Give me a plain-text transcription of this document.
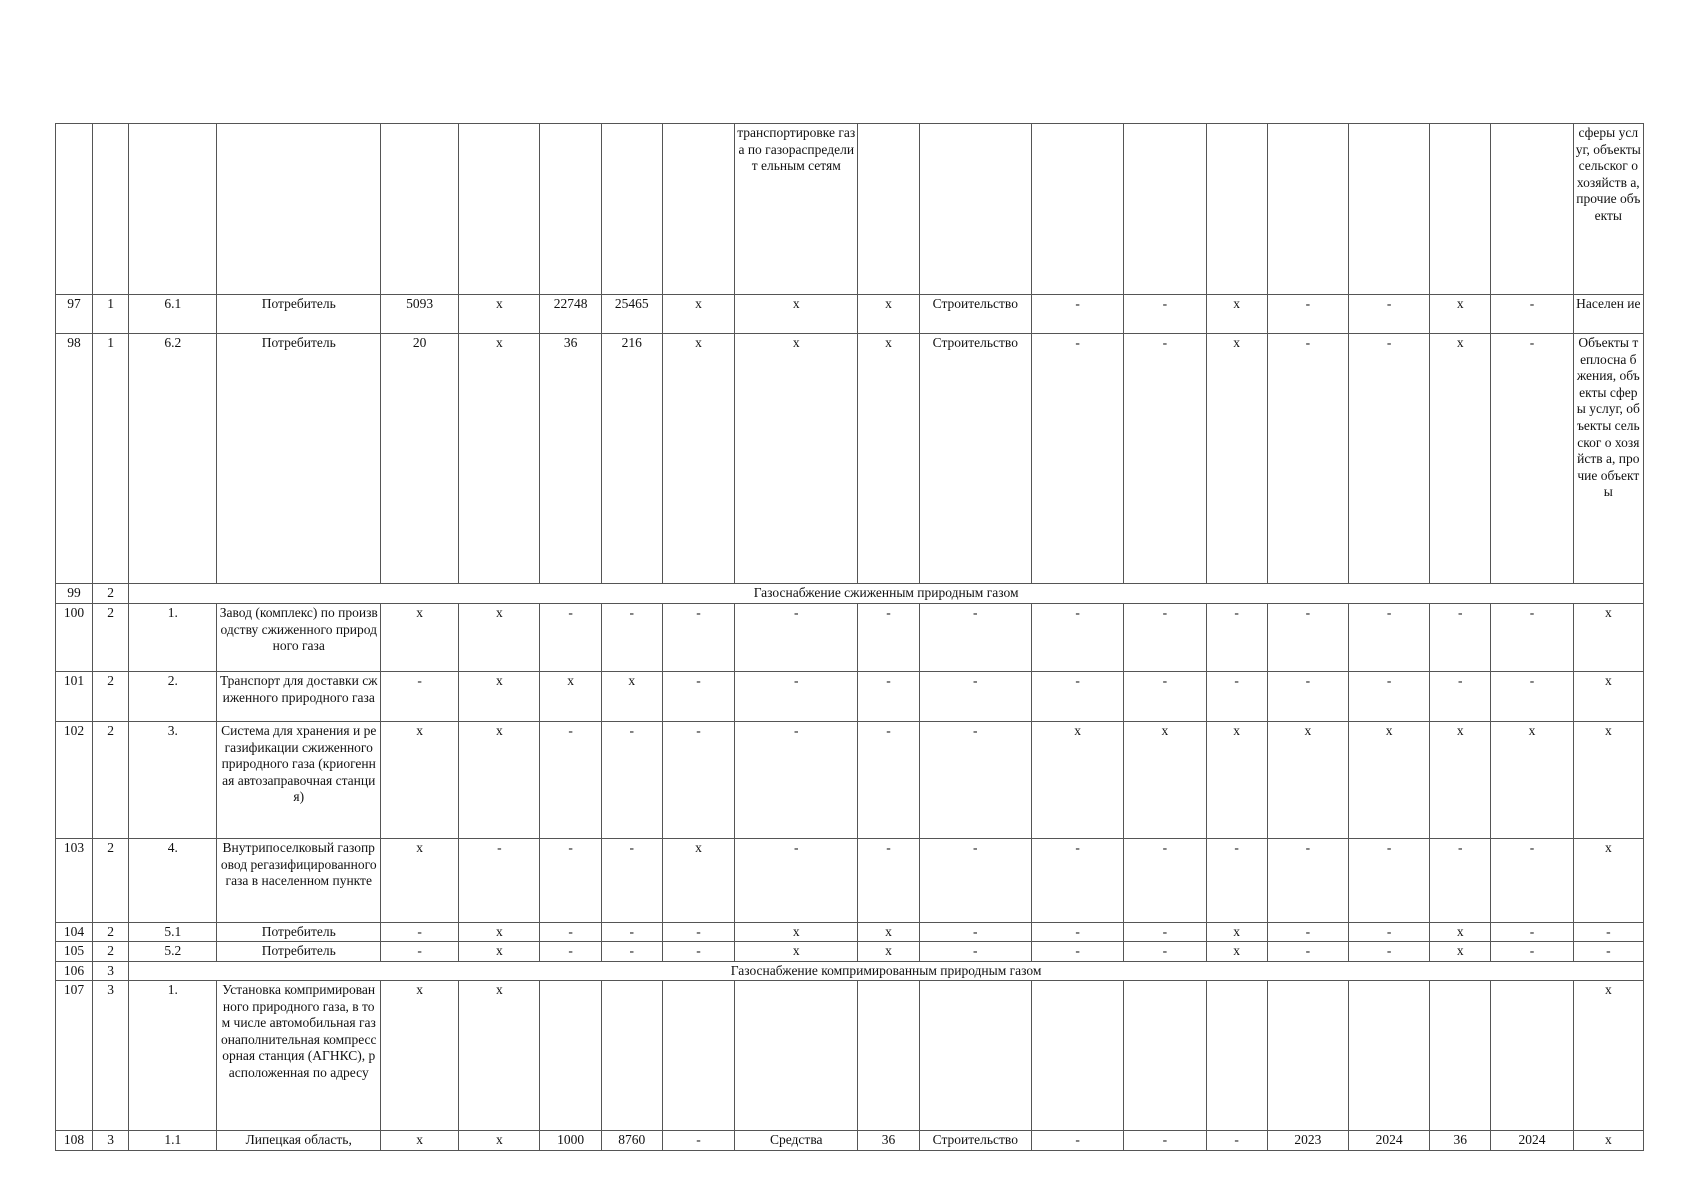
									транспортировке газа по газораспределит ельным сетям										сферы услуг, объекты сельског о хозяйств а, прочие объекты
97	1	6.1	Потребитель	5093	х	22748	25465	х	х	х	Строительство	-	-	х	-	-	х	-	Населен ие
98	1	6.2	Потребитель	20	х	36	216	х	х	х	Строительство	-	-	х	-	-	х	-	Объекты теплосна бжения, объекты сферы услуг, объекты сельског о хозяйств а, прочие объекты
99	2	Газоснабжение сжиженным природным газом																	
100	2	1.	Завод (комплекс) по производству сжиженного природного газа	х	х	-	-	-	-	-	-	-	-	-	-	-	-	-	х
101	2	2.	Транспорт для доставки сжиженного природного газа	-	х	х	х	-	-	-	-	-	-	-	-	-	-	-	х
102	2	3.	Система для хранения и регазификации сжиженного природного газа (криогенная автозаправочная станция)	х	х	-	-	-	-	-	-	х	х	х	х	х	х	х	х
103	2	4.	Внутрипоселковый газопровод регазифицированного газа в населенном пункте	х	-	-	-	х	-	-	-	-	-	-	-	-	-	-	х
104	2	5.1	Потребитель	-	х	-	-	-	х	х	-	-	-	х	-	-	х	-	-
105	2	5.2	Потребитель	-	х	-	-	-	х	х	-	-	-	х	-	-	х	-	-
106	3	Газоснабжение компримированным природным газом																	
107	3	1.	Установка компримированного природного газа, в том числе автомобильная газонаполнительная компрессорная станция (АГНКС), расположенная по адресу	х	х														х
108	3	1.1	Липецкая область,	х	х	1000	8760	-	Средства	36	Строительство	-	-	-	2023	2024	36	2024	х
